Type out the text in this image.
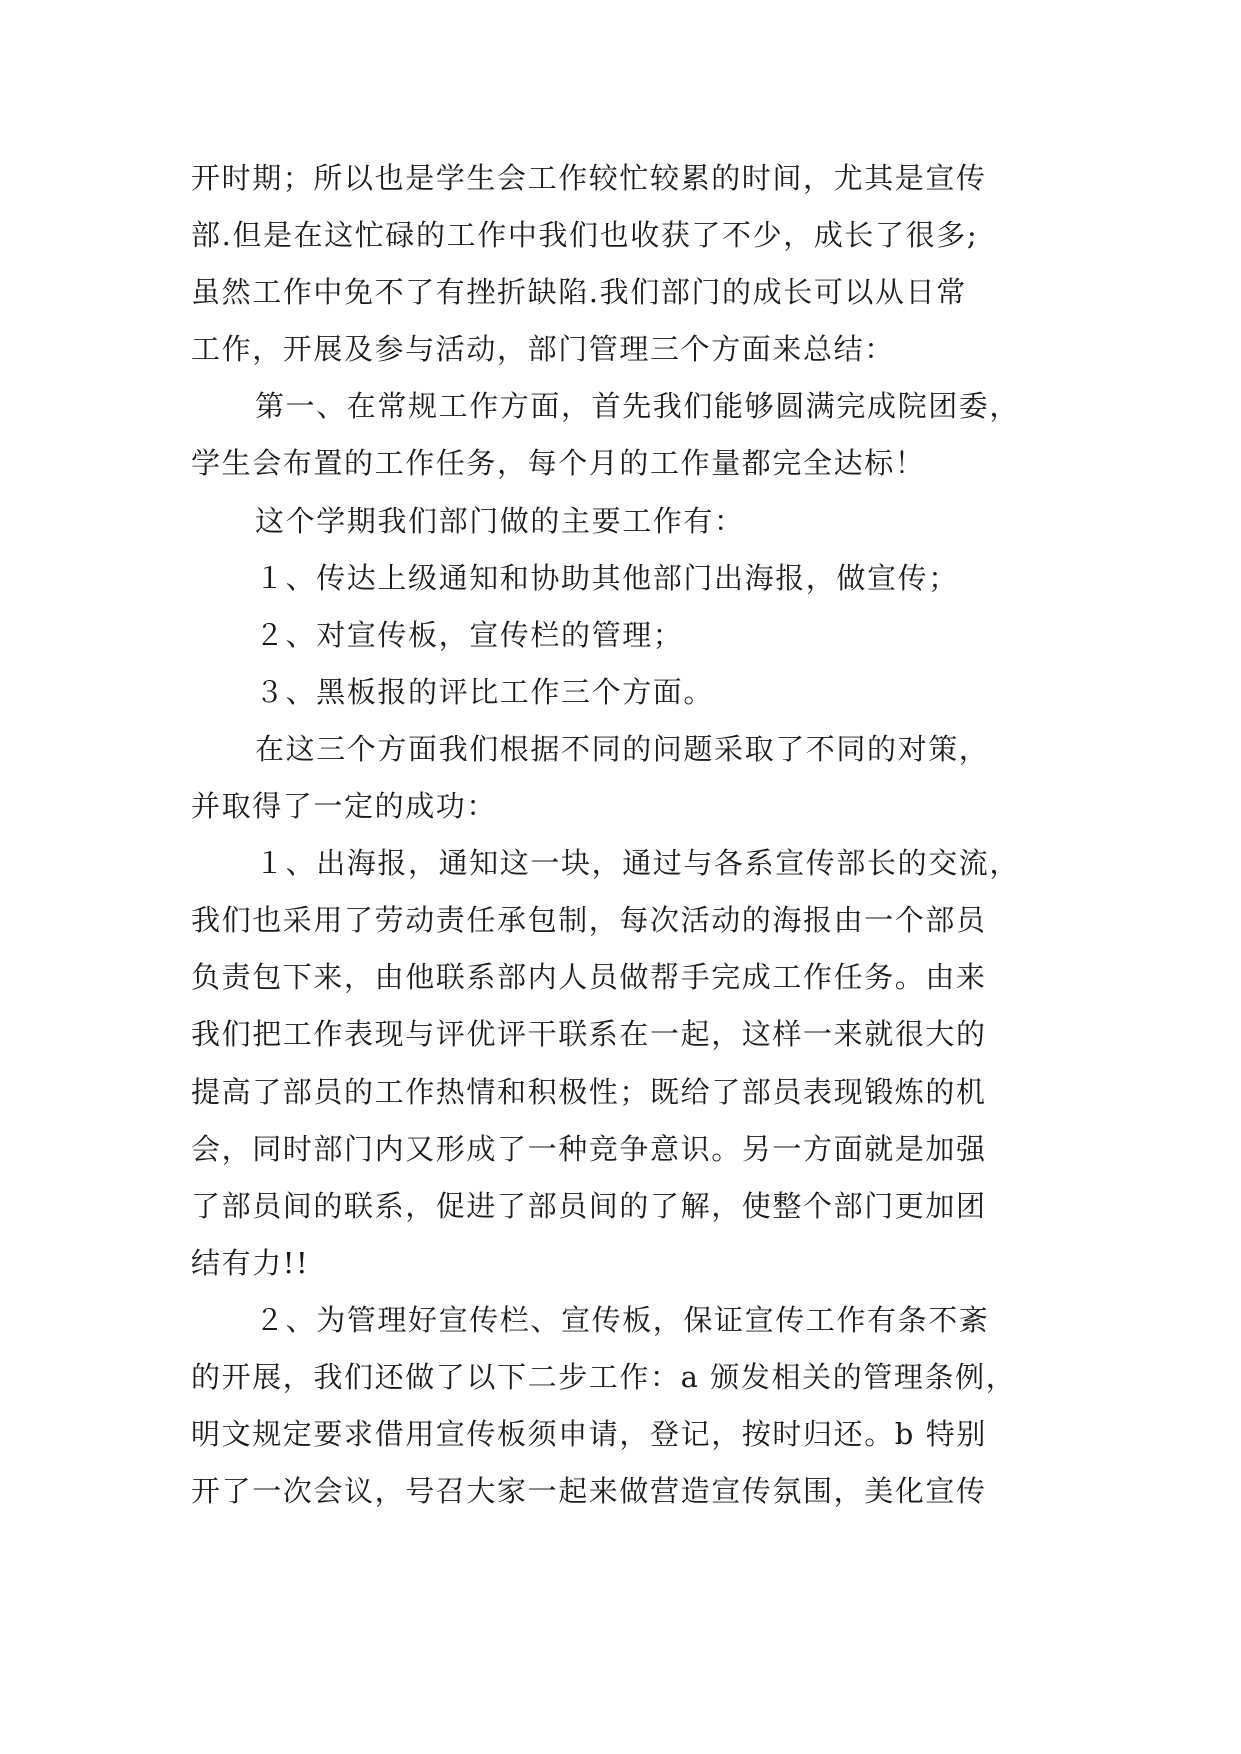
开时期；所以也是学生会工作较忙较累的时间，尤其是宣传
部.但是在这忙碌的工作中我们也收获了不少，成长了很多;
虽然工作中免不了有挫折缺陷.我们部门的成长可以从日常
工作，开展及参与活动，部门管理三个方面来总结：
第一、在常规工作方面，首先我们能够圆满完成院团委，
学生会布置的工作任务，每个月的工作量都完全达标！
这个学期我们部门做的主要工作有：
１、传达上级通知和协助其他部门出海报，做宣传；
２、对宣传板，宣传栏的管理；
３、黑板报的评比工作三个方面。
在这三个方面我们根据不同的问题采取了不同的对策，
并取得了一定的成功：
１、出海报，通知这一块，通过与各系宣传部长的交流，
我们也采用了劳动责任承包制，每次活动的海报由一个部员
负责包下来，由他联系部内人员做帮手完成工作任务。由来
我们把工作表现与评优评干联系在一起，这样一来就很大的
提高了部员的工作热情和积极性；既给了部员表现锻炼的机
会，同时部门内又形成了一种竞争意识。另一方面就是加强
了部员间的联系，促进了部员间的了解，使整个部门更加团
结有力!!
２、为管理好宣传栏、宣传板，保证宣传工作有条不紊
的开展，我们还做了以下二步工作：a 颁发相关的管理条例，
明文规定要求借用宣传板须申请，登记，按时归还。b 特别
开了一次会议，号召大家一起来做营造宣传氛围，美化宣传
